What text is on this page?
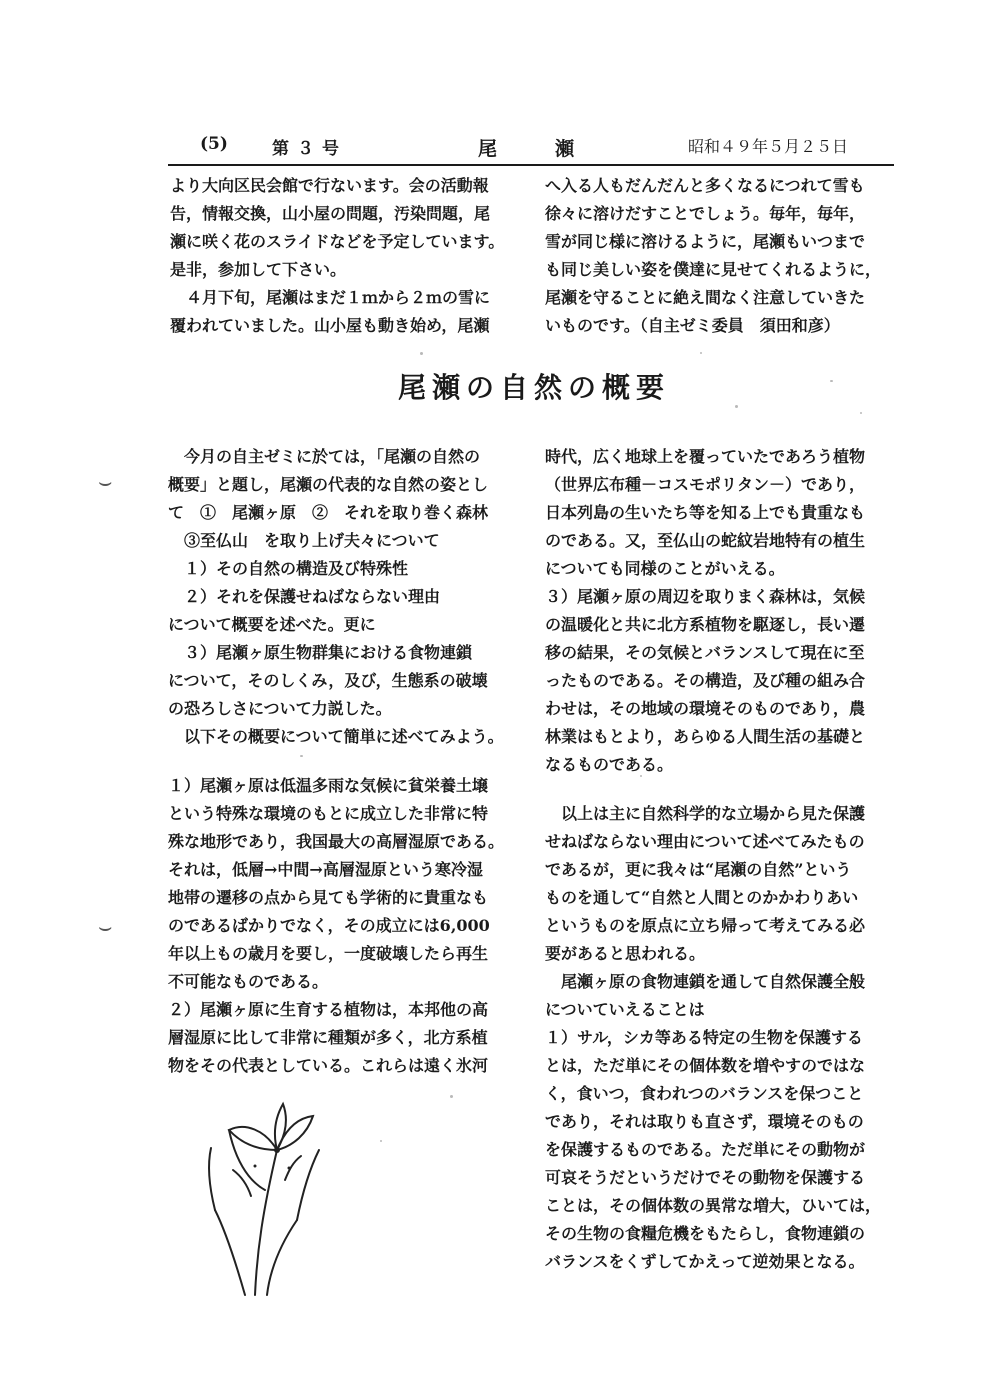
(5)	第３号	尾瀬	昭和４９年５月２５日

より大向区民会館で行ないます。会の活動報

告，情報交換，山小屋の問題，汚染問題，尾

瀬に咲く花のスライドなどを予定しています。

是非，参加して下さい。

　４月下旬，尾瀬はまだ１ｍから２ｍの雪に

覆われていました。山小屋も動き始め，尾瀬

へ入る人もだんだんと多くなるにつれて雪も

徐々に溶けだすことでしょう。毎年，毎年，

雪が同じ様に溶けるように，尾瀬もいつまで

も同じ美しい姿を僕達に見せてくれるように，

尾瀬を守ることに絶え間なく注意していきた

いものです。（自主ゼミ委員　須田和彦）

尾瀬の自然の概要

　今月の自主ゼミに於ては，「尾瀬の自然の

概要」と題し，尾瀬の代表的な自然の姿とし

て　①　尾瀬ヶ原　②　それを取り巻く森林

　③至仏山　を取り上げ夫々について

　１）その自然の構造及び特殊性

　２）それを保護せねばならない理由

について概要を述べた。更に

　３）尾瀬ヶ原生物群集における食物連鎖

について，そのしくみ，及び，生態系の破壊

の恐ろしさについて力説した。

　以下その概要について簡単に述べてみよう。

１）尾瀬ヶ原は低温多雨な気候に貧栄養土壌

という特殊な環境のもとに成立した非常に特

殊な地形であり，我国最大の高層湿原である。

それは，低層→中間→高層湿原という寒冷湿

地帯の遷移の点から見ても学術的に貴重なも

のであるばかりでなく，その成立には6,000

年以上もの歳月を要し，一度破壊したら再生

不可能なものである。

２）尾瀬ヶ原に生育する植物は，本邦他の高

層湿原に比して非常に種類が多く，北方系植

物をその代表としている。これらは遠く氷河

時代，広く地球上を覆っていたであろう植物

（世界広布種－コスモポリタン－）であり，

日本列島の生いたち等を知る上でも貴重なも

のである。又，至仏山の蛇紋岩地特有の植生

についても同様のことがいえる。

３）尾瀬ヶ原の周辺を取りまく森林は，気候

の温暖化と共に北方系植物を駆逐し，長い遷

移の結果，その気候とバランスして現在に至

ったものである。その構造，及び種の組み合

わせは，その地域の環境そのものであり，農

林業はもとより，あらゆる人間生活の基礎と

なるものである。

　以上は主に自然科学的な立場から見た保護

せねばならない理由について述べてみたもの

であるが，更に我々は“尾瀬の自然”という

ものを通して“自然と人間とのかかわりあい

というものを原点に立ち帰って考えてみる必

要があると思われる。

　尾瀬ヶ原の食物連鎖を通して自然保護全般

についていえることは

１）サル，シカ等ある特定の生物を保護する

とは，ただ単にその個体数を増やすのではな

く，食いつ，食われつのバランスを保つこと

であり，それは取りも直さず，環境そのもの

を保護するものである。ただ単にその動物が

可哀そうだというだけでその動物を保護する

ことは，その個体数の異常な増大，ひいては，

その生物の食糧危機をもたらし，食物連鎖の

バランスをくずしてかえって逆効果となる。

⌣
⌣
